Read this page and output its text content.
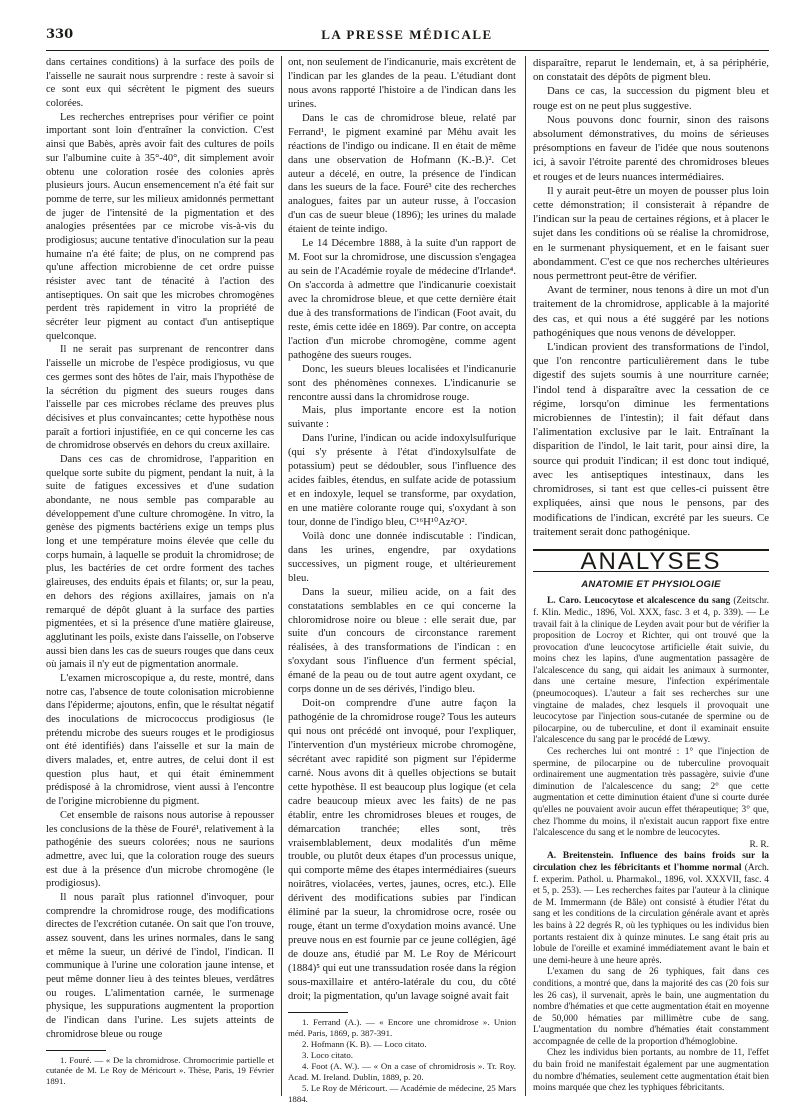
330	LA PRESSE MÉDICALE

dans certaines conditions) à la surface des poils de l'aisselle ne saurait nous surprendre : reste à savoir si ce sont eux qui sécrètent le pigment des sueurs colorées.

Les recherches entreprises pour vérifier ce point important sont loin d'entraîner la conviction. C'est ainsi que Babès, après avoir fait des cultures de poils sur l'albumine cuite à 35°-40°, dit simplement avoir obtenu une coloration rosée des colonies après plusieurs jours. Aucun ensemencement n'a été fait sur pomme de terre, sur les milieux amidonnés permettant de juger de l'intensité de la pigmentation et des analogies présentées par ce microbe vis-à-vis du prodigiosus; aucune tentative d'inoculation sur la peau humaine n'a été faite; de plus, on ne comprend pas qu'une affection microbienne de cet ordre puisse résister avec tant de ténacité à l'action des antiseptiques. On sait que les microbes chromogènes perdent très rapidement in vitro la propriété de sécréter leur pigment au contact d'un antiseptique quelconque.

Il ne serait pas surprenant de rencontrer dans l'aisselle un microbe de l'espèce prodigiosus, vu que ces germes sont des hôtes de l'air, mais l'hypothèse de la sécrétion du pigment des sueurs rouges dans l'aisselle par ces microbes réclame des preuves plus décisives et plus convaincantes; cette hypothèse nous paraît a fortiori injustifiée, en ce qui concerne les cas de chromidrose observés en dehors du creux axillaire.

Dans ces cas de chromidrose, l'apparition en quelque sorte subite du pigment, pendant la nuit, à la suite de fatigues excessives et d'une sudation abondante, ne nous semble pas comparable au développement d'une culture chromogène. In vitro, la genèse des pigments bactériens exige un temps plus long et une température moins élevée que celle du corps humain, à laquelle se produit la chromidrose; de plus, les bactéries de cet ordre forment des taches glaireuses, des enduits épais et filants; or, sur la peau, en dehors des régions axillaires, jamais on n'a remarqué de dépôt gluant à la surface des parties pigmentées, et si la présence d'une matière glaireuse, agglutinant les poils, existe dans l'aisselle, on l'observe aussi bien dans les cas de sueurs rouges que dans ceux où jamais il n'y eut de pigmentation anormale.

L'examen microscopique a, du reste, montré, dans notre cas, l'absence de toute colonisation microbienne dans l'épiderme; ajoutons, enfin, que le résultat négatif des inoculations de micrococcus prodigiosus (le prétendu microbe des sueurs rouges et le prodigiosus ont été identifiés) dans l'aisselle et sur la main de divers malades, et, entre autres, de celui dont il est question plus haut, et qui était éminemment prédisposé à la chromidrose, vient aussi à l'encontre de l'origine microbienne du pigment.

Cet ensemble de raisons nous autorise à repousser les conclusions de la thèse de Fouré¹, relativement à la pathogénie des sueurs colorées; nous ne saurions admettre, avec lui, que la coloration rouge des sueurs est due à la présence d'un microbe chromogène (le prodigiosus).

Il nous paraît plus rationnel d'invoquer, pour comprendre la chromidrose rouge, des modifications directes de l'excrétion cutanée. On sait que l'on trouve, assez souvent, dans les urines normales, dans le sang et même la sueur, un dérivé de l'indol, l'indican. Il communique à l'urine une coloration jaune intense, et peut même donner lieu à des teintes bleues, verdâtres ou rouges. L'alimentation carnée, le surmenage physique, les suppurations augmentent la proportion de l'indican dans l'urine. Les sujets atteints de chromidrose bleue ou rouge

1. Fouré. — « De la chromidrose. Chromocrimie partielle et cutanée de M. Le Roy de Méricourt ». Thèse, Paris, 19 Février 1891.

ont, non seulement de l'indicanurie, mais excrètent de l'indican par les glandes de la peau. L'étudiant dont nous avons rapporté l'histoire a de l'indican dans les urines.

Dans le cas de chromidrose bleue, relaté par Ferrand¹, le pigment examiné par Méhu avait les réactions de l'indigo ou indicane. Il en était de même dans une observation de Hofmann (K.-B.)². Cet auteur a décelé, en outre, la présence de l'indican dans les sueurs de la face. Fouré³ cite des recherches analogues, faites par un auteur russe, à l'occasion d'un cas de sueur bleue (1896); les urines du malade étaient de teinte indigo.

Le 14 Décembre 1888, à la suite d'un rapport de M. Foot sur la chromidrose, une discussion s'engagea au sein de l'Académie royale de médecine d'Irlande⁴. On s'accorda à admettre que l'indicanurie coexistait avec la chromidrose bleue, et que cette dernière était due à des transformations de l'indican (Foot avait, du reste, émis cette idée en 1869). Par contre, on accepta l'action d'un microbe chromogène, comme agent pathogène des sueurs rouges.

Donc, les sueurs bleues localisées et l'indicanurie sont des phénomènes connexes. L'indicanurie se rencontre aussi dans la chromidrose rouge.

Mais, plus importante encore est la notion suivante :

Dans l'urine, l'indican ou acide indoxylsulfurique (qui s'y présente à l'état d'indoxylsulfate de potassium) peut se dédoubler, sous l'influence des acides faibles, étendus, en sulfate acide de potassium et en indoxyle, lequel se transforme, par oxydation, en une matière colorante rouge qui, s'oxydant à son tour, donne de l'indigo bleu, C¹⁶H¹⁰Az²O².

Voilà donc une donnée indiscutable : l'indican, dans les urines, engendre, par oxydations successives, un pigment rouge, et ultérieurement bleu.

Dans la sueur, milieu acide, on a fait des constatations semblables en ce qui concerne la chloromidrose noire ou bleue : elle serait due, par suite d'un concours de circonstance rarement réalisées, à des transformations de l'indican : en s'oxydant sous l'influence d'un ferment spécial, émané de la peau ou de tout autre agent oxydant, ce corps donne un de ses dérivés, l'indigo bleu.

Doit-on comprendre d'une autre façon la pathogénie de la chromidrose rouge? Tous les auteurs qui nous ont précédé ont invoqué, pour l'expliquer, l'intervention d'un mystérieux microbe chromogène, sécrétant avec rapidité son pigment sur l'épiderme carné. Nous avons dit à quelles objections se butait cette hypothèse. Il est beaucoup plus logique (et cela cadre beaucoup mieux avec les faits) de ne pas établir, entre les chromidroses bleues et rouges, de démarcation tranchée; elles sont, très vraisemblablement, deux modalités d'un même trouble, ou plutôt deux étapes d'un processus unique, qui comporte même des étapes intermédiaires (sueurs noirâtres, violacées, vertes, jaunes, ocres, etc.). Elle dérivent des modifications subies par l'indican éliminé par la sueur, la chromidrose ocre, rosée ou rouge, étant un terme d'oxydation moins avancé. Une preuve nous en est fournie par ce jeune collégien, âgé de douze ans, étudié par M. Le Roy de Méricourt (1884)⁵ qui eut une transsudation rosée dans la région sous-maxillaire et antéro-latérale du cou, du côté droit; la pigmentation, qu'un lavage soigné avait fait

1. Ferrand (A.). — « Encore une chromidrose ». Union méd. Paris, 1869, p. 387-391.

2. Hofmann (K. B). — Loco citato.

3. Loco citato.

4. Foot (A. W.). — « On a case of chromidrosis ». Tr. Roy. Acad. M. Ireland. Dublin, 1889, p. 20.

5. Le Roy de Méricourt. — Académie de médecine, 25 Mars 1884.

disparaître, reparut le lendemain, et, à sa périphérie, on constatait des dépôts de pigment bleu.

Dans ce cas, la succession du pigment bleu et rouge est on ne peut plus suggestive.

Nous pouvons donc fournir, sinon des raisons absolument démonstratives, du moins de sérieuses présomptions en faveur de l'idée que nous soutenons ici, à savoir l'étroite parenté des chromidroses bleues et rouges et de leurs nuances intermédiaires.

Il y aurait peut-être un moyen de pousser plus loin cette démonstration; il consisterait à répandre de l'indican sur la peau de certaines régions, et à placer le sujet dans les conditions où se réalise la chromidrose, en le surmenant physiquement, et en le faisant suer abondamment. C'est ce que nos recherches ultérieures nous permettront peut-être de vérifier.

Avant de terminer, nous tenons à dire un mot d'un traitement de la chromidrose, applicable à la majorité des cas, et qui nous a été suggéré par les notions pathogéniques que nous venons de développer.

L'indican provient des transformations de l'indol, que l'on rencontre particulièrement dans le tube digestif des sujets soumis à une nourriture carnée; l'indol tend à disparaître avec la cessation de ce régime, lorsqu'on diminue les fermentations microbiennes de l'intestin); il fait défaut dans l'alimentation exclusive par le lait. Entraînant la disparition de l'indol, le lait tarit, pour ainsi dire, la source qui produit l'indican; il est donc tout indiqué, avec les antiseptiques intestinaux, dans les chromidroses, si tant est que celles-ci puissent être expliquées, ainsi que nous le pensons, par des modifications de l'indican, excrété par les sueurs. Ce traitement serait donc pathogénique.

ANALYSES
ANATOMIE ET PHYSIOLOGIE

L. Caro. Leucocytose et alcalescence du sang (Zeitschr. f. Klin. Medic., 1896, Vol. XXX, fasc. 3 et 4, p. 339). — Le travail fait à la clinique de Leyden avait pour but de vérifier la proposition de Locroy et Richter, qui ont trouvé que la provocation d'une leucocytose artificielle était suivie, du moins chez les lapins, d'une augmentation passagère de l'alcalescence du sang, qui aidait les animaux à surmonter, dans une certaine mesure, l'infection expérimentale (pneumocoques). L'auteur a fait ses recherches sur une vingtaine de malades, chez lesquels il provoquait une leucocytose par l'injection sous-cutanée de spermine ou de pilocarpine, ou de tuberculine, et dont il examinait ensuite l'alcalescence du sang par le procédé de Lœwy.

Ces recherches lui ont montré : 1° que l'injection de spermine, de pilocarpine ou de tuberculine provoquait ordinairement une augmentation très passagère, suivie d'une diminution de l'alcalescence du sang; 2° que cette augmentation et cette diminution étaient d'une si courte durée qu'elles ne pouvaient avoir aucun effet thérapeutique; 3° que, chez l'homme du moins, il n'existait aucun rapport fixe entre l'alcalescence du sang et le nombre de leucocytes.

R. R.

A. Breitenstein. Influence des bains froids sur la circulation chez les fébricitants et l'homme normal (Arch. f. experim. Pathol. u. Pharmakol., 1896, vol. XXXVII, fasc. 4 et 5, p. 253). — Les recherches faites par l'auteur à la clinique de M. Immermann (de Bâle) ont consisté à étudier l'état du sang et les conditions de la circulation générale avant et après les bains à 22 degrés R, où les typhiques ou les individus bien portants restaient dix à quinze minutes. Le sang était pris au lobule de l'oreille et examiné immédiatement avant le bain et une demi-heure à une heure après.

L'examen du sang de 26 typhiques, fait dans ces conditions, a montré que, dans la majorité des cas (20 fois sur les 26 cas), il survenait, après le bain, une augmentation du nombre d'hématies et que cette augmentation était en moyenne de 50,000 hématies par millimètre cube de sang. L'augmentation du nombre d'hématies était constamment accompagnée de celle de la proportion d'hémoglobine.

Chez les individus bien portants, au nombre de 11, l'effet du bain froid ne manifestait également par une augmentation du nombre d'hématies, seulement cette augmentation était bien moins marquée que chez les typhiques fébricitants.
